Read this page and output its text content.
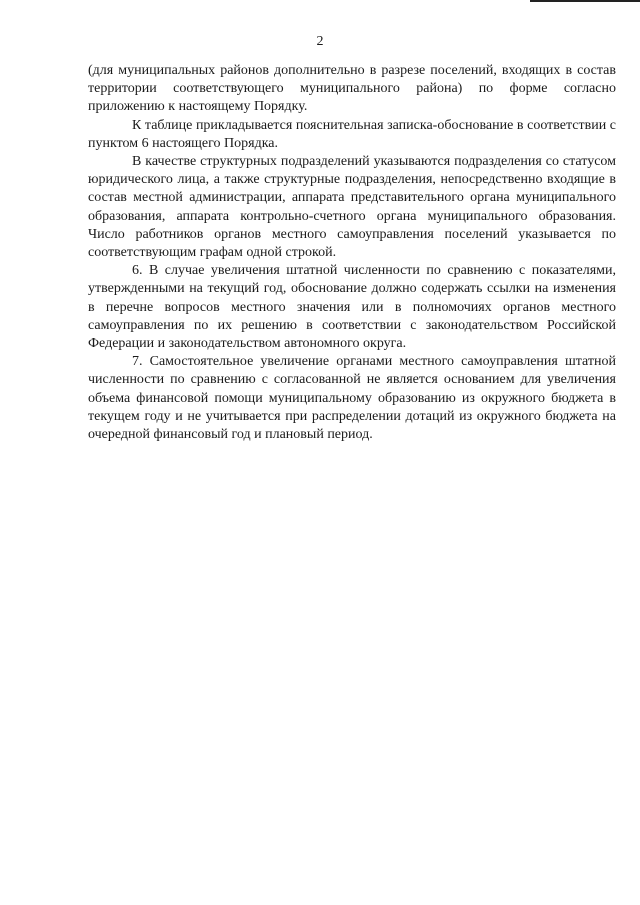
2

(для муниципальных районов дополнительно в разрезе поселений, входящих в состав территории соответствующего муниципального района) по форме согласно приложению к настоящему Порядку.

К таблице прикладывается пояснительная записка-обоснование в соответствии с пунктом 6 настоящего Порядка.

В качестве структурных подразделений указываются подразделения со статусом юридического лица, а также структурные подразделения, непосредственно входящие в состав местной администрации, аппарата представительного органа муниципального образования, аппарата контрольно-счетного органа муниципального образования. Число работников органов местного самоуправления поселений указывается по соответствующим графам одной строкой.

6. В случае увеличения штатной численности по сравнению с показателями, утвержденными на текущий год, обоснование должно содержать ссылки на изменения в перечне вопросов местного значения или в полномочиях органов местного самоуправления по их решению в соответствии с законодательством Российской Федерации и законодательством автономного округа.

7. Самостоятельное увеличение органами местного самоуправления штатной численности по сравнению с согласованной не является основанием для увеличения объема финансовой помощи муниципальному образованию из окружного бюджета в текущем году и не учитывается при распределении дотаций из окружного бюджета на очередной финансовый год и плановый период.
